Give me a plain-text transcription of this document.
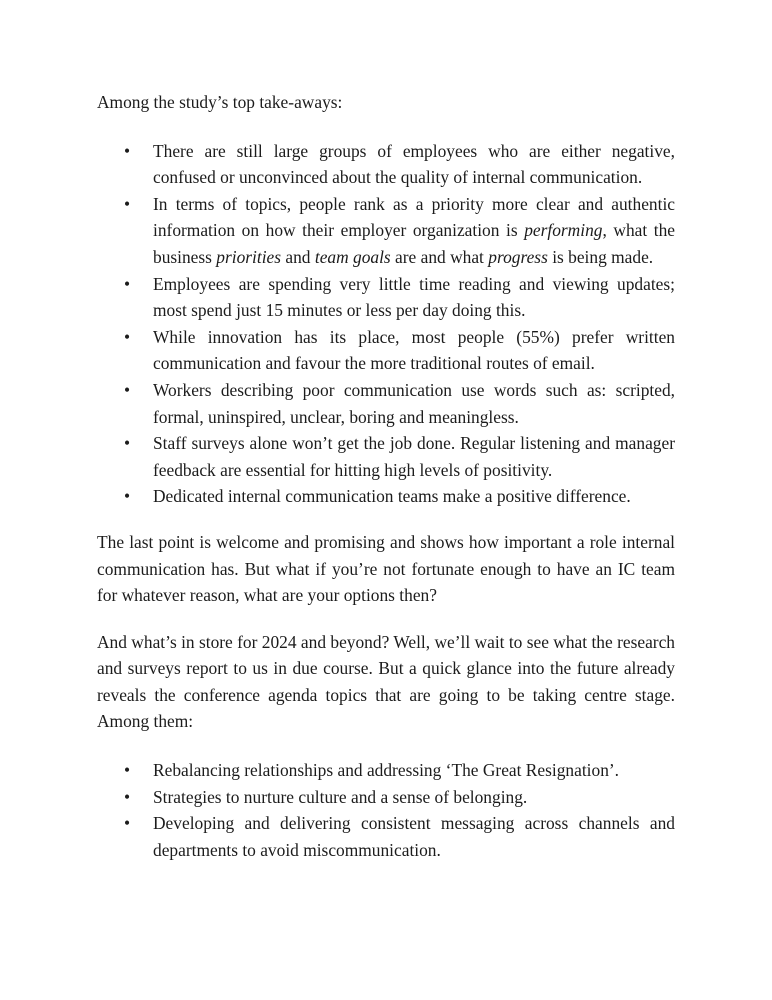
Among the study’s top take-aways:

• There are still large groups of employees who are either negative, confused or unconvinced about the quality of internal communication.
• In terms of topics, people rank as a priority more clear and authentic information on how their employer organization is performing, what the business priorities and team goals are and what progress is being made.
• Employees are spending very little time reading and viewing updates; most spend just 15 minutes or less per day doing this.
• While innovation has its place, most people (55%) prefer written communication and favour the more traditional routes of email.
• Workers describing poor communication use words such as: scripted, formal, uninspired, unclear, boring and meaningless.
• Staff surveys alone won’t get the job done. Regular listening and manager feedback are essential for hitting high levels of positivity.
• Dedicated internal communication teams make a positive difference.

The last point is welcome and promising and shows how important a role internal communication has. But what if you’re not fortunate enough to have an IC team for whatever reason, what are your options then?

And what’s in store for 2024 and beyond? Well, we’ll wait to see what the research and surveys report to us in due course. But a quick glance into the future already reveals the conference agenda topics that are going to be taking centre stage. Among them:

• Rebalancing relationships and addressing ‘The Great Resignation’.
• Strategies to nurture culture and a sense of belonging.
• Developing and delivering consistent messaging across channels and departments to avoid miscommunication.
